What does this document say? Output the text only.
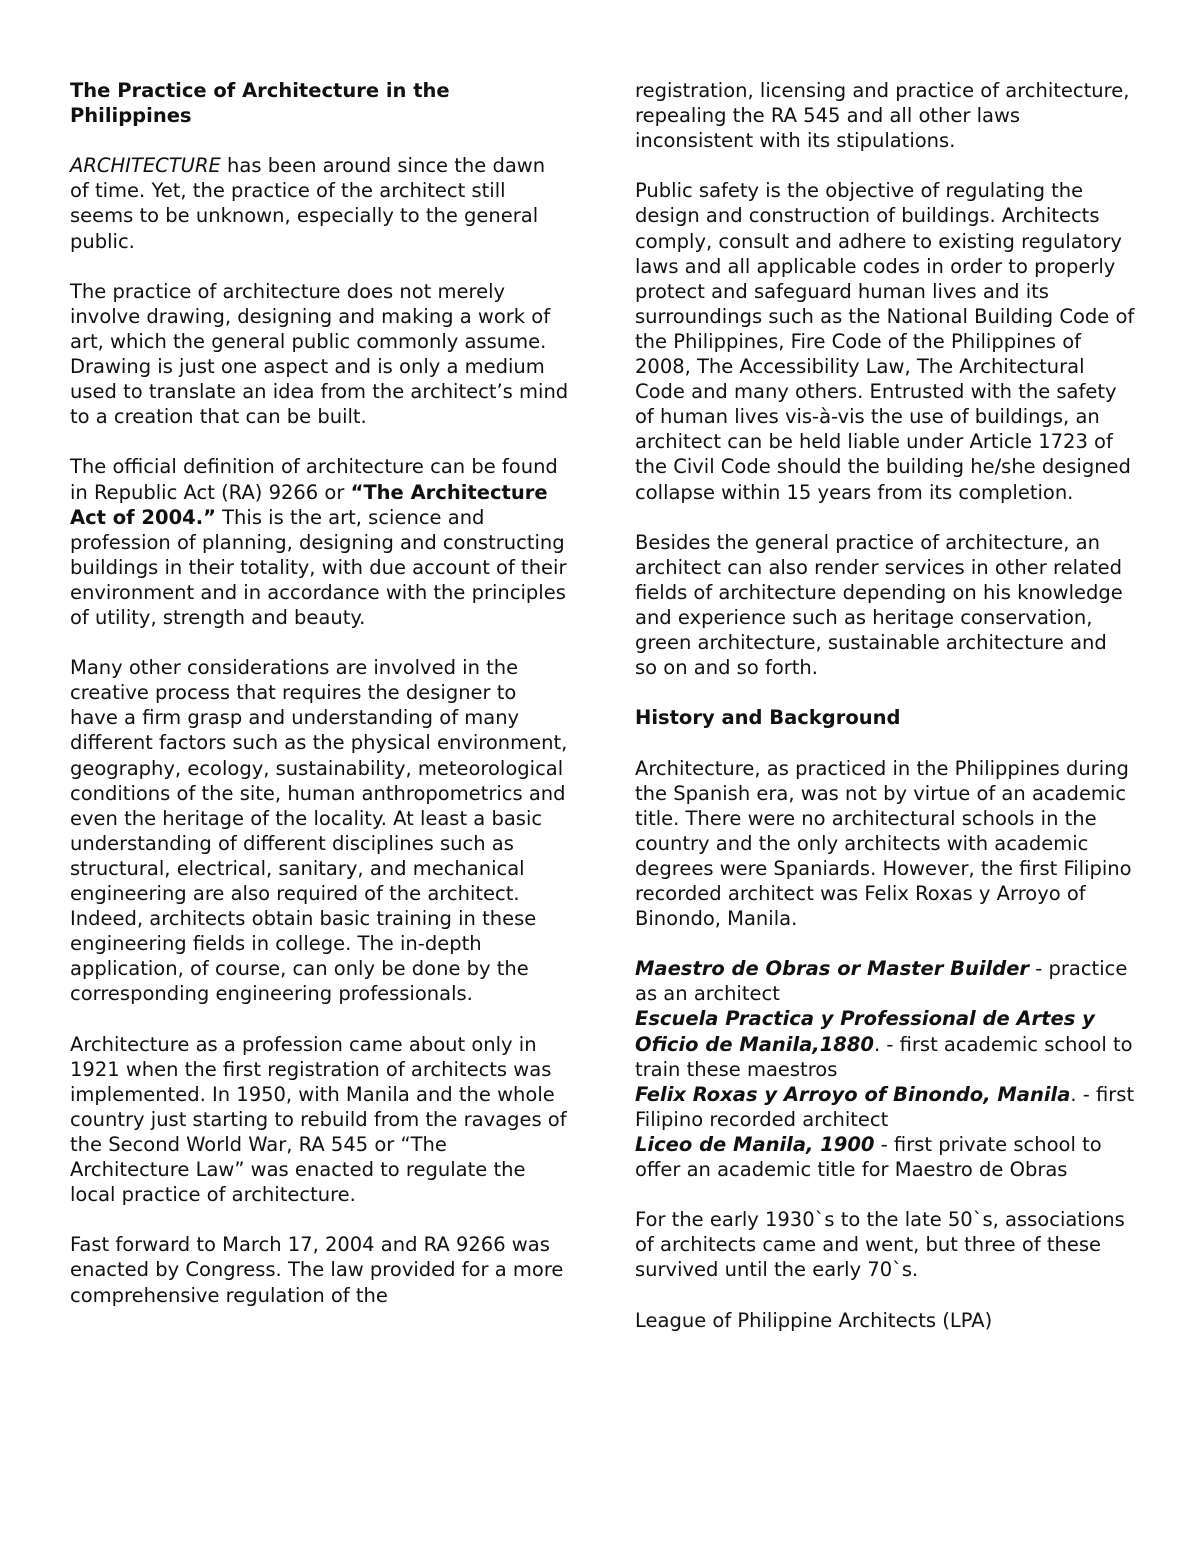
The Practice of Architecture in the Philippines

ARCHITECTURE has been around since the dawn of time. Yet, the practice of the architect still seems to be unknown, especially to the general public.

The practice of architecture does not merely involve drawing, designing and making a work of art, which the general public commonly assume. Drawing is just one aspect and is only a medium used to translate an idea from the architect’s mind to a creation that can be built.

The official definition of architecture can be found in Republic Act (RA) 9266 or “The Architecture Act of 2004.” This is the art, science and profession of planning, designing and constructing buildings in their totality, with due account of their environment and in accordance with the principles of utility, strength and beauty.

Many other considerations are involved in the creative process that requires the designer to have a firm grasp and understanding of many different factors such as the physical environment, geography, ecology, sustainability, meteorological conditions of the site, human anthropometrics and even the heritage of the locality. At least a basic understanding of different disciplines such as structural, electrical, sanitary, and mechanical engineering are also required of the architect. Indeed, architects obtain basic training in these engineering fields in college. The in-depth application, of course, can only be done by the corresponding engineering professionals.

Architecture as a profession came about only in 1921 when the first registration of architects was implemented. In 1950, with Manila and the whole country just starting to rebuild from the ravages of the Second World War, RA 545 or “The Architecture Law” was enacted to regulate the local practice of architecture.

Fast forward to March 17, 2004 and RA 9266 was enacted by Congress. The law provided for a more comprehensive regulation of the

registration, licensing and practice of architecture, repealing the RA 545 and all other laws inconsistent with its stipulations.

Public safety is the objective of regulating the design and construction of buildings. Architects comply, consult and adhere to existing regulatory laws and all applicable codes in order to properly protect and safeguard human lives and its surroundings such as the National Building Code of the Philippines, Fire Code of the Philippines of 2008, The Accessibility Law, The Architectural Code and many others. Entrusted with the safety of human lives vis-à-vis the use of buildings, an architect can be held liable under Article 1723 of the Civil Code should the building he/she designed collapse within 15 years from its completion.

Besides the general practice of architecture, an architect can also render services in other related fields of architecture depending on his knowledge and experience such as heritage conservation, green architecture, sustainable architecture and so on and so forth.

History and Background

Architecture, as practiced in the Philippines during the Spanish era, was not by virtue of an academic title. There were no architectural schools in the country and the only architects with academic degrees were Spaniards. However, the first Filipino recorded architect was Felix Roxas y Arroyo of Binondo, Manila.

Maestro de Obras or Master Builder - practice as an architect
Escuela Practica y Professional de Artes y Oficio de Manila,1880. - first academic school to train these maestros
Felix Roxas y Arroyo of Binondo, Manila. - first Filipino recorded architect
Liceo de Manila, 1900 - first private school to offer an academic title for Maestro de Obras

For the early 1930`s to the late 50`s, associations of architects came and went, but three of these survived until the early 70`s.

League of Philippine Architects (LPA)
